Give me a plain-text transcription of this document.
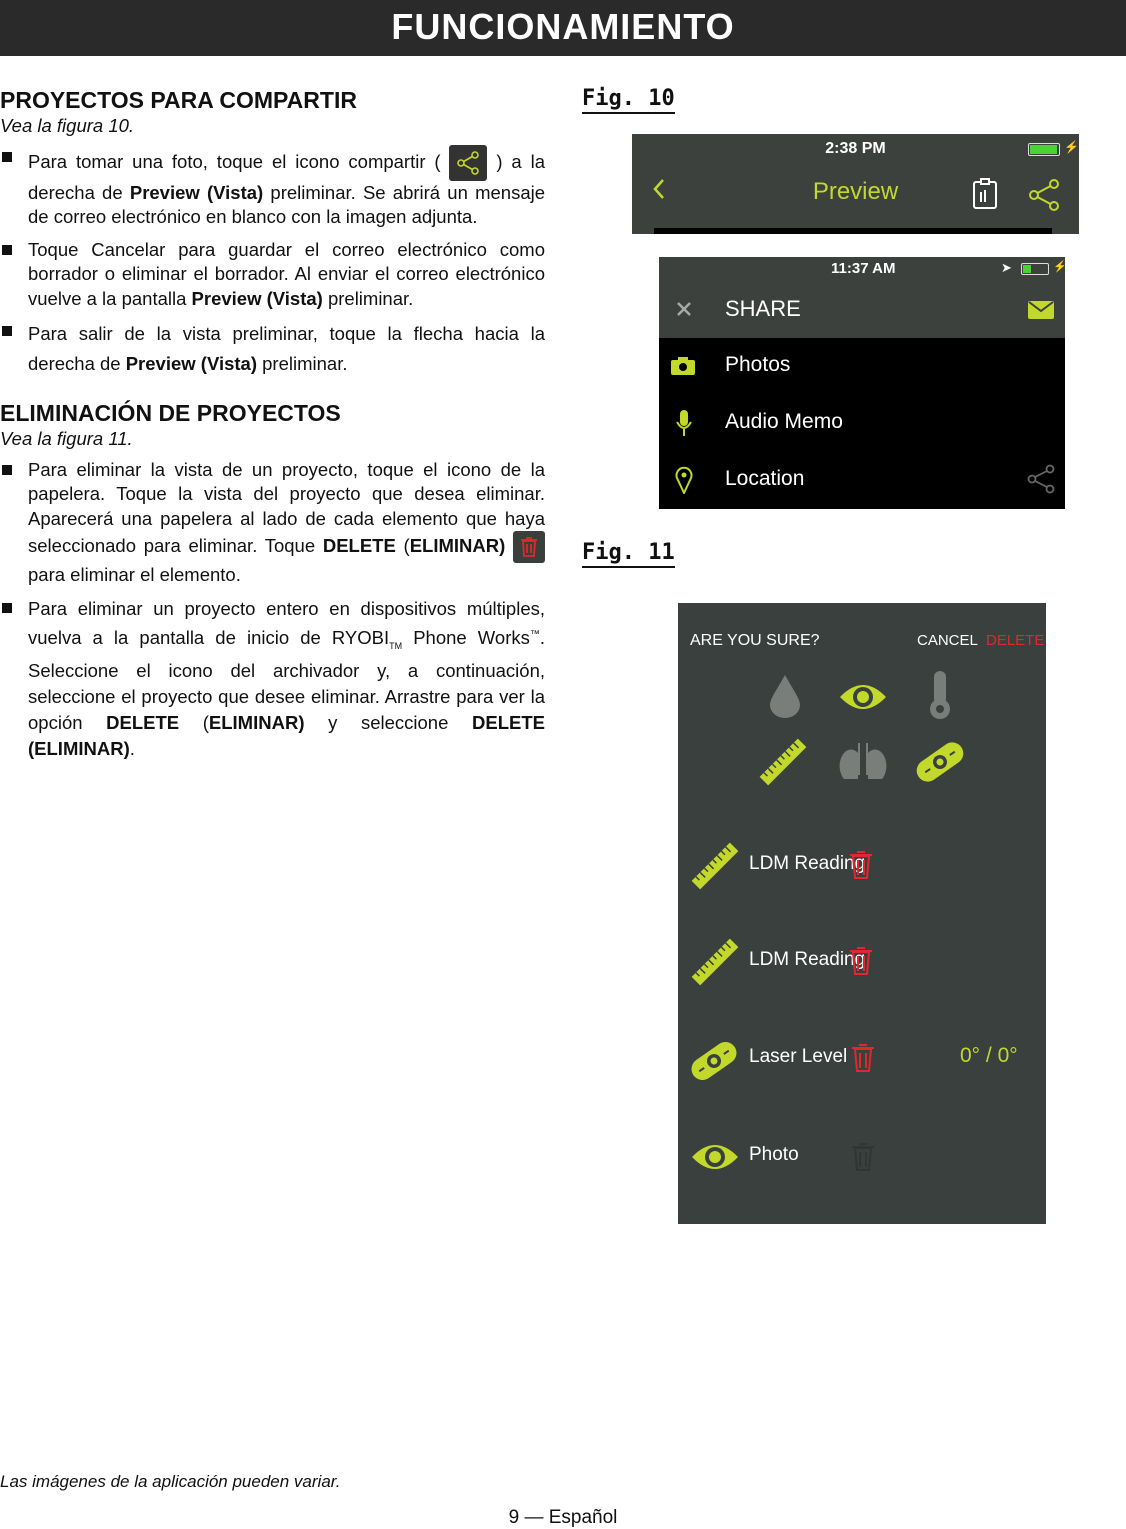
FUNCIONAMIENTO

PROYECTOS PARA COMPARTIR

Vea la figura 10.

Para tomar una foto, toque el icono compartir (	) a la derecha de Preview (Vista) preliminar. Se abrirá un mensaje de correo electrónico en blanco con la imagen adjunta.
Toque Cancelar para guardar el correo electrónico como borrador o eliminar el borrador. Al enviar el correo electrónico vuelve a la pantalla Preview (Vista) preliminar.
Para salir de la vista preliminar, toque la flecha hacia la derecha de Preview (Vista) preliminar.

ELIMINACIÓN DE PROYECTOS

Vea la figura 11.

Para eliminar la vista de un proyecto, toque el icono de la papelera. Toque la vista del proyecto que desea eliminar. Aparecerá una papelera al lado de cada elemento que haya seleccionado para eliminar. Toque DELETE (ELIMINAR)  para eliminar el elemento.
Para eliminar un proyecto entero en dispositivos múltiples, vuelva a la pantalla de inicio de $RYOBI_{TM}$ Phone Works™. Seleccione el icono del archivador y, a continuación, seleccione el proyecto que desee eliminar. Arrastre para ver la opción DELETE (ELIMINAR) y seleccione DELETE (ELIMINAR).
Fig. 10
2:38 PM	⚡
Preview
11:37 AM	➤	⚡
SHARE
Photos
Audio Memo
Location
Fig. 11
ARE YOU SURE?	CANCEL DELETE
LDM Reading
LDM Reading
Laser Level	0° / 0°
Photo
Las imágenes de la aplicación pueden variar.
9 — Español
